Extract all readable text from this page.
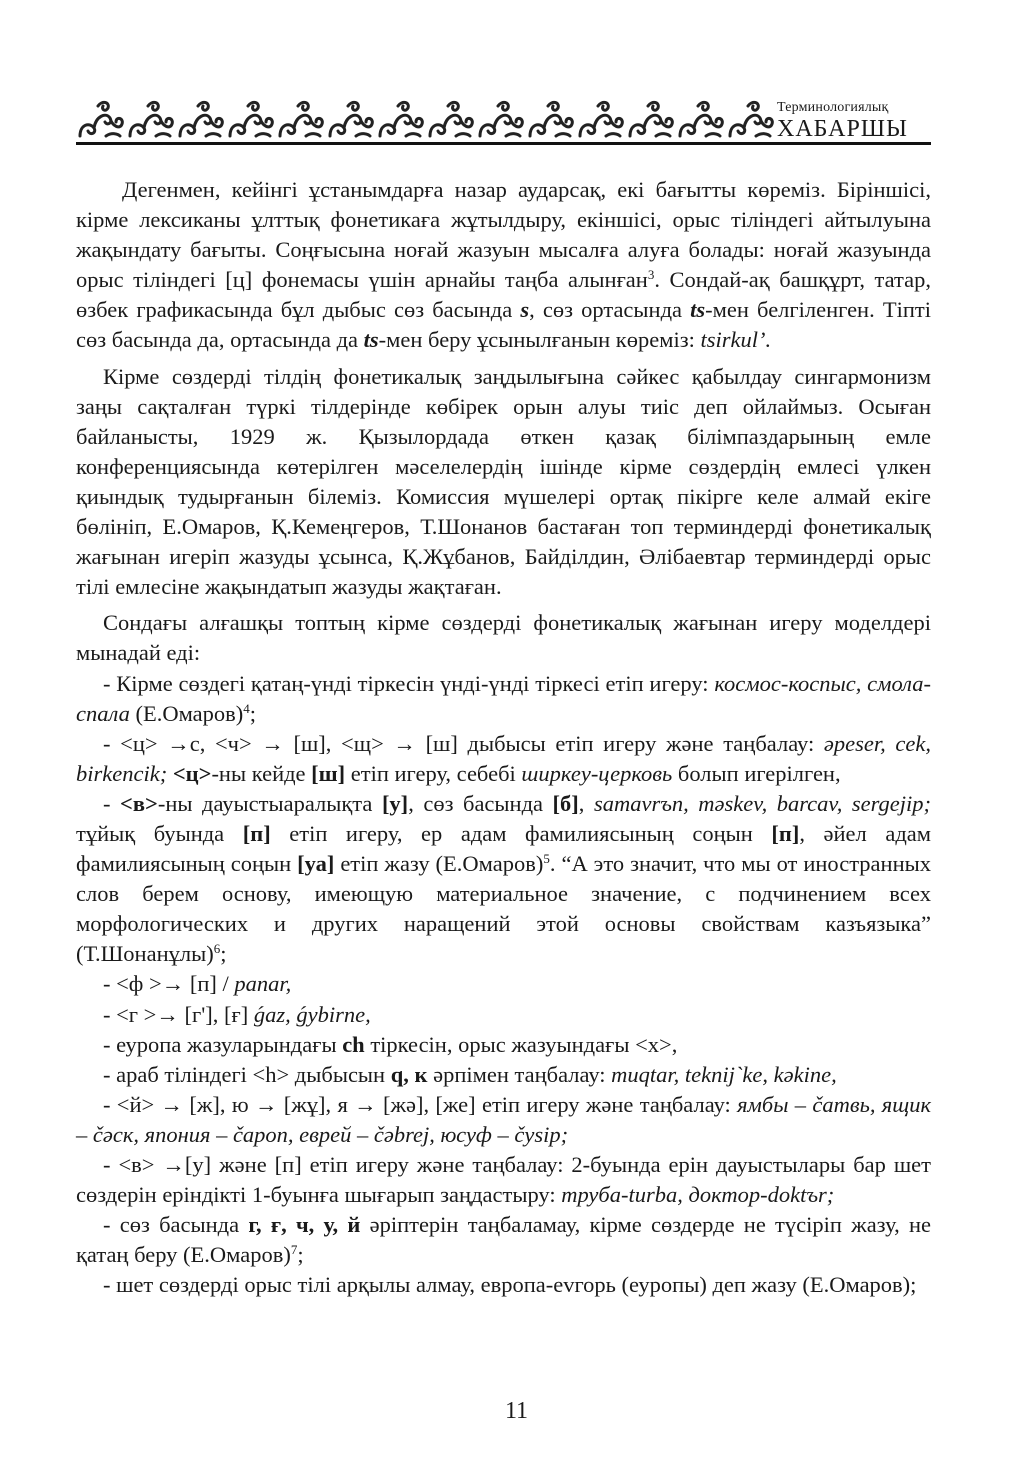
Терминологиялық
ХАБАРШЫ

Дегенмен, кейінгі ұстанымдарға назар аударсақ, екі бағытты көреміз. Біріншісі, кірме лексиканы ұлттық фонетикаға жұтылдыру, екіншісі, орыс тіліндегі айтылуына жақындату бағыты. Соңғысына ноғай жазуын мысалға алуға болады: ноғай жазуында орыс тіліндегі [ц] фонемасы үшін арнайы таңба алынған$^3$. Сондай-ақ башқұрт, татар, өзбек графикасында бұл дыбыс сөз басында s, сөз ортасында ts-мен белгіленген. Тіпті сөз басында да, ортасында да ts-мен беру ұсынылғанын көреміз: tsirkul’.

Кірме сөздерді тілдің фонетикалық заңдылығына сәйкес қабылдау сингармонизм заңы сақталған түркі тілдерінде көбірек орын алуы тиіс деп ойлаймыз. Осыған байланысты, 1929 ж. Қызылордада өткен қазақ білімпаздарының емле конференциясында көтерілген мәселелердің ішінде кірме сөздердің емлесі үлкен қиындық тудырғанын білеміз. Комиссия мүшелері ортақ пікірге келе алмай екіге бөлініп, Е.Омаров, Қ.Кемеңгеров, Т.Шонанов бастаған топ терминдерді фонетикалық жағынан игеріп жазуды ұсынса, Қ.Жұбанов, Байділдин, Әлібаевтар терминдерді орыс тілі емлесіне жақындатып жазуды жақтаған.

Сондағы алғашқы топтың кірме сөздерді фонетикалық жағынан игеру моделдері мынадай еді:

- Кірме сөздегі қатаң-үнді тіркесін үнді-үнді тіркесі етіп игеру: космос-коспыс, смола-спала (Е.Омаров)$^4$;

- <ц> →с, <ч> → [ш], <щ> → [ш] дыбысы етіп игеру және таңбалау: əpeser, cek, birkencik; <ц>-ны кейде [ш] етіп игеру, себебі ширкеу-церковь болып игерілген,

- <в>-ны дауыстыаралықта [у], сөз басында [б], samavrъn, məskev, barcav, sergejip; тұйық буында [п] етіп игеру, ер адам фамилиясының соңын [п], әйел адам фамилиясының соңын [уа] етіп жазу (Е.Омаров)$^5$. “А это значит, что мы от иностранных слов берем основу, имеющую материальное значение, с подчинением всех морфологических и других наращений этой основы свойствам казъязыка” (Т.Шонанұлы)$^6$;

- <ф >→ [п] / panar,

- <г >→ [г'], [ғ] ǵaz, ǵybirne,

- еуропа жазуларындағы ch тіркесін, орыс жазуындағы <х>,

- араб тіліндегі <h> дыбысын q, к әрпімен таңбалау: muqtar, teknij`ke, kəkine,

- <й> → [ж], ю → [жұ], я → [жә], [же] етіп игеру және таңбалау: ямбы – čатвь, ящик – čәск, япония – čароп, еврей – čәbrej, юсуф – čysip;

- <в> →[у] және [п] етіп игеру және таңбалау: 2-буында ерін дауыстылары бар шет сөздерін еріндікті 1-буынға шығарып заңдастыру: труба-turba, доктор-doktъr;

- сөз басында г, ғ, ч, у, й әріптерін таңбаламау, кірме сөздерде не түсіріп жазу, не қатаң беру (Е.Омаров)$^7$;

- шет сөздерді орыс тілі арқылы алмау, европа-evгорь (еуропы) деп жазу (Е.Омаров);

11
